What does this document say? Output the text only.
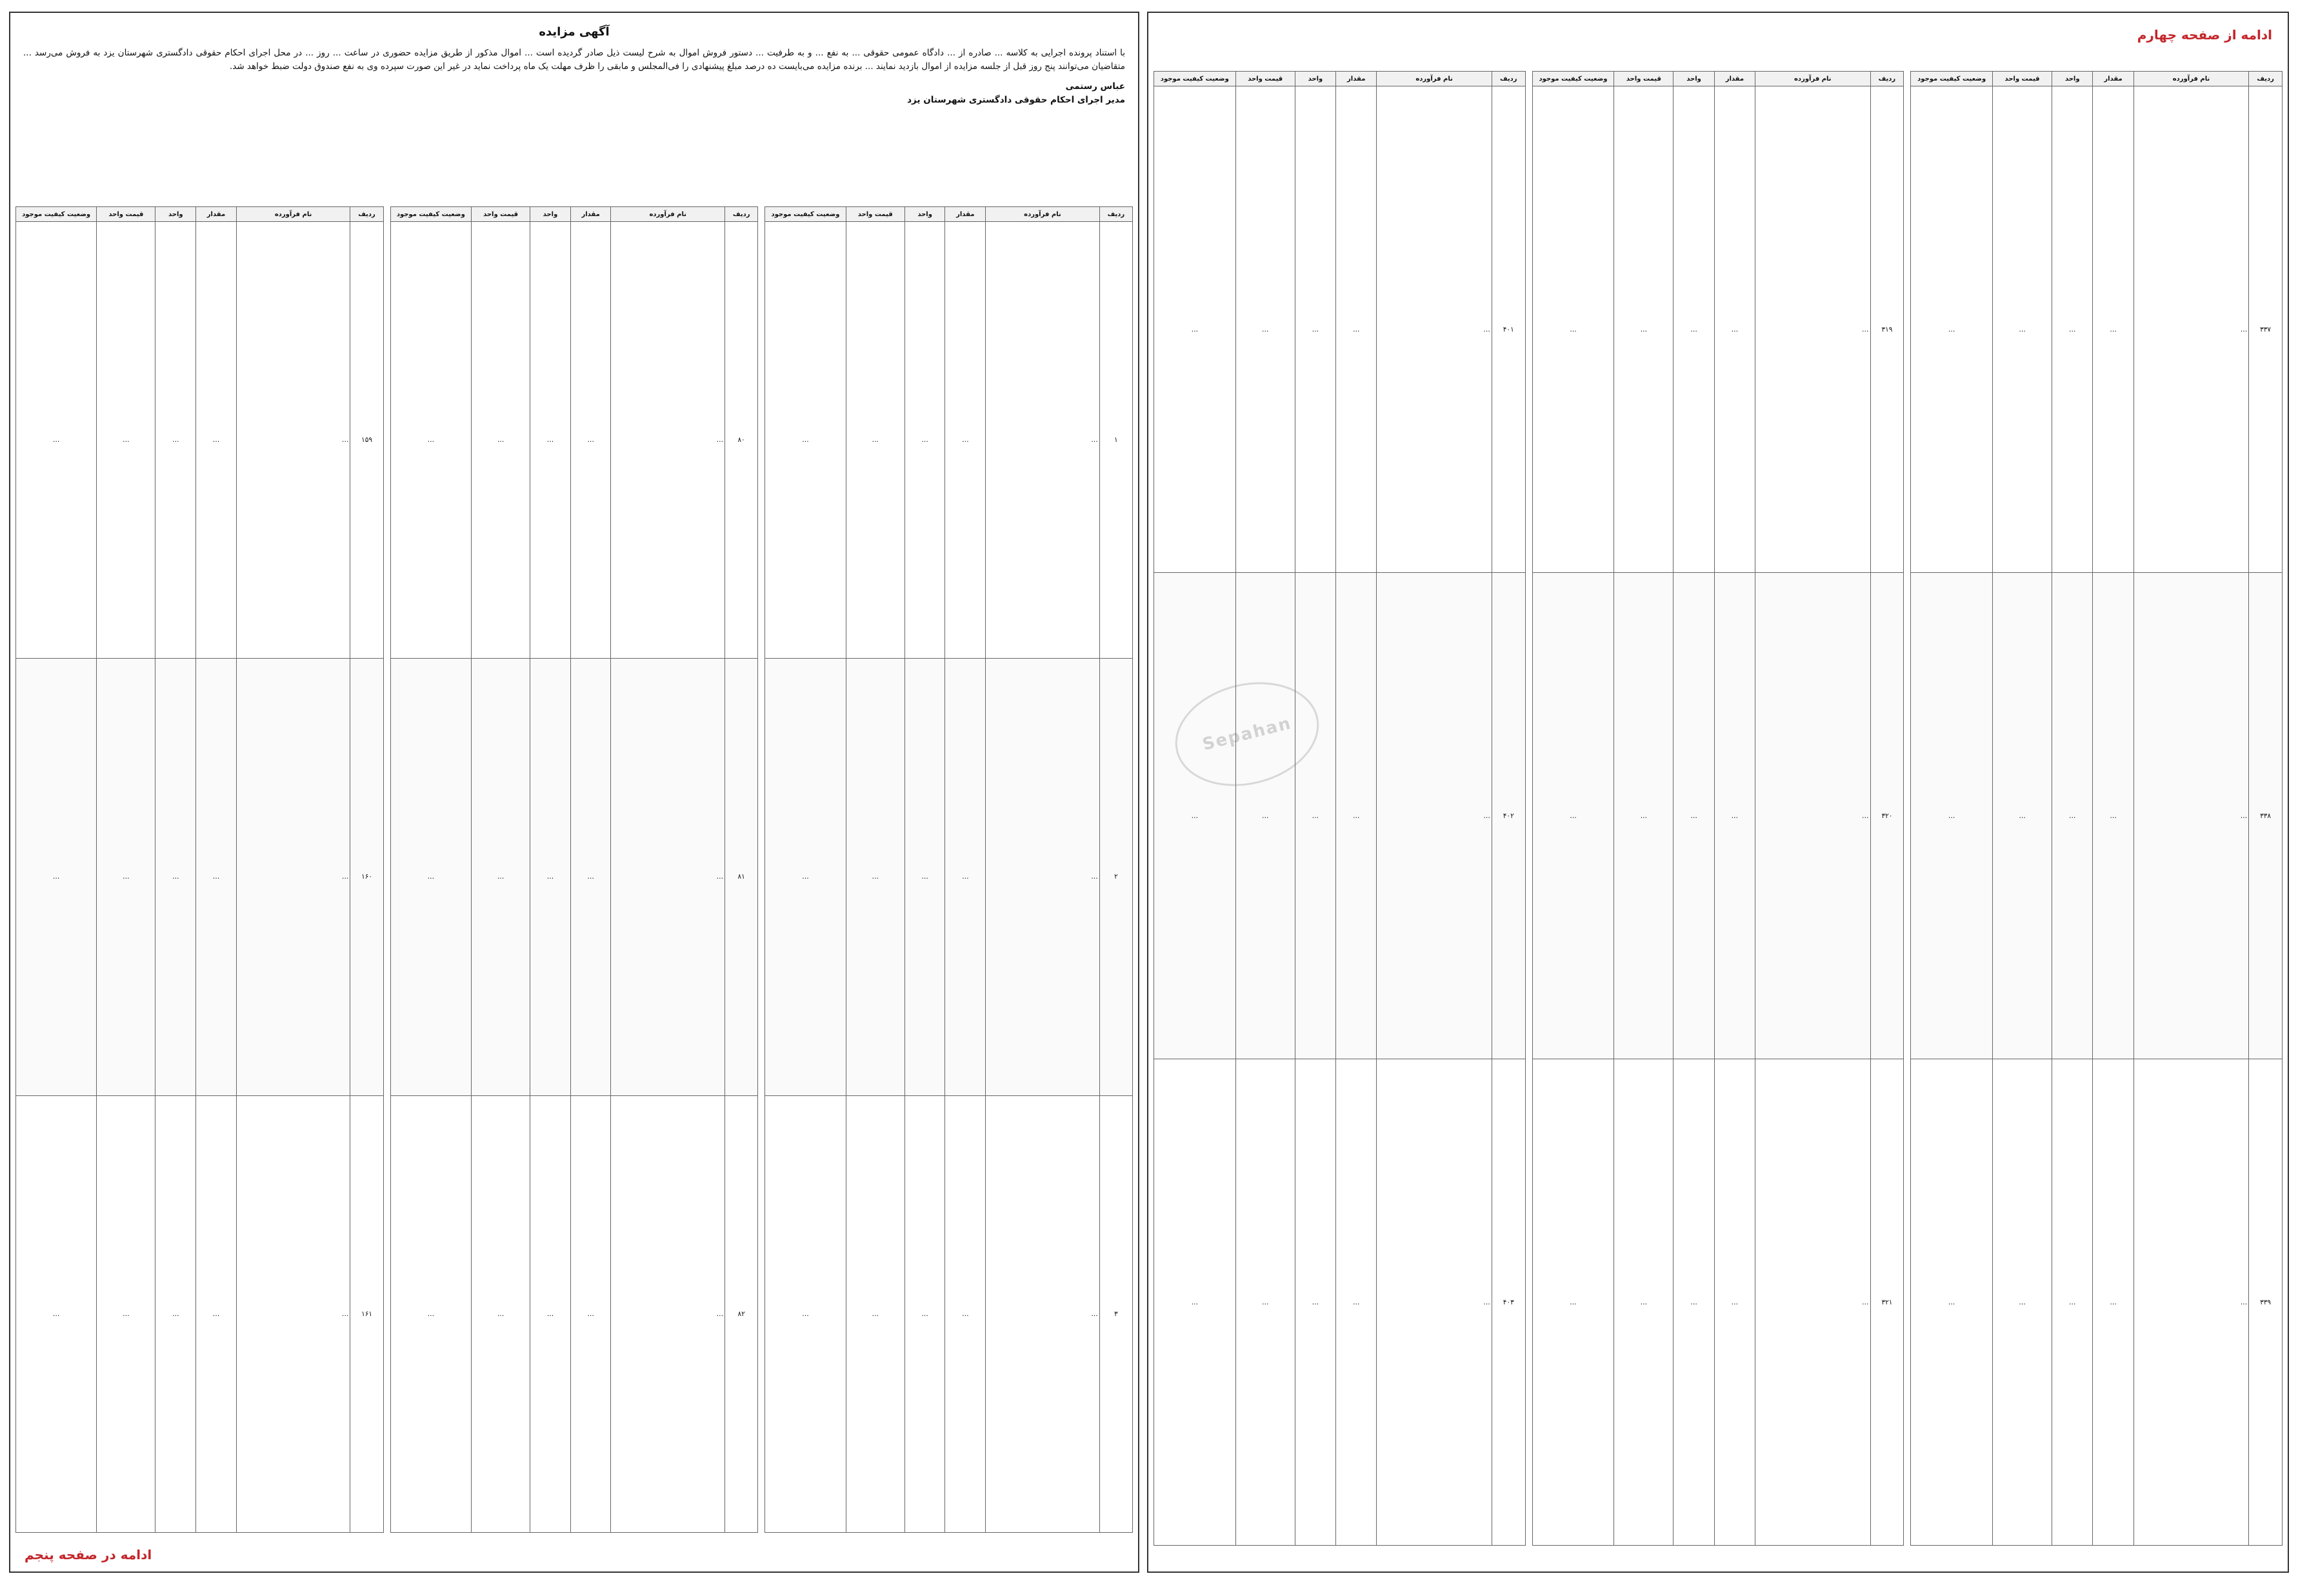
ادامه از صفحه چهارم
ردیف	نام فرآورده	مقدار	واحد	قیمت واحد	وضعیت کیفیت موجود
۳۳۷	…	…	…	…	…
۳۳۸	…	…	…	…	…
۳۳۹	…	…	…	…	…
ردیف	نام فرآورده	مقدار	واحد	قیمت واحد	وضعیت کیفیت موجود
۳۱۹	…	…	…	…	…
۳۲۰	…	…	…	…	…
۳۲۱	…	…	…	…	…
ردیف	نام فرآورده	مقدار	واحد	قیمت واحد	وضعیت کیفیت موجود
۴۰۱	…	…	…	…	…
۴۰۲	…	…	…	…	…
۴۰۳	…	…	…	…	…
آگهی مزایده
با استناد پرونده اجرایی به کلاسه ... صادره از ... دادگاه عمومی حقوقی ... به نفع ... و به طرفیت ... دستور فروش اموال به شرح لیست ذیل صادر گردیده است ... اموال مذکور از طریق مزایده حضوری در ساعت ... روز ... در محل اجرای احکام حقوقی دادگستری شهرستان یزد به فروش می‌رسد ... متقاضیان می‌توانند پنج روز قبل از جلسه مزایده از اموال بازدید نمایند ... برنده مزایده می‌بایست ده درصد مبلغ پیشنهادی را فی‌المجلس و مابقی را ظرف مهلت یک ماه پرداخت نماید در غیر این صورت سپرده وی به نفع صندوق دولت ضبط خواهد شد.
عباس رستمی
مدیر اجرای احکام حقوقی دادگستری شهرستان یزد
ردیف	نام فرآورده	مقدار	واحد	قیمت واحد	وضعیت کیفیت موجود
۱	…	…	…	…	…
۲	…	…	…	…	…
۳	…	…	…	…	…
ردیف	نام فرآورده	مقدار	واحد	قیمت واحد	وضعیت کیفیت موجود
۸۰	…	…	…	…	…
۸۱	…	…	…	…	…
۸۲	…	…	…	…	…
ردیف	نام فرآورده	مقدار	واحد	قیمت واحد	وضعیت کیفیت موجود
۱۵۹	…	…	…	…	…
۱۶۰	…	…	…	…	…
۱۶۱	…	…	…	…	…
ادامه در صفحه پنجم
Sepahan
